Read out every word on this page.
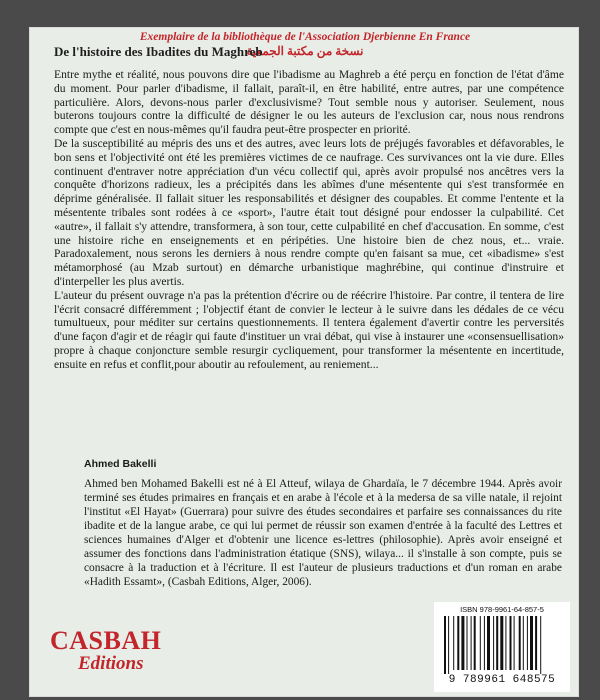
Exemplaire de la bibliothèque de l'Association Djerbienne En France
نسخة من مكتبة الجمعية
De l'histoire des Ibadites du Maghreb

Entre mythe et réalité, nous pouvons dire que l'ibadisme au Maghreb a été perçu en fonction de l'état d'âme du moment. Pour parler d'ibadisme, il fallait, paraît-il, en être habilité, entre autres, par une compétence particulière. Alors, devons-nous parler d'exclusivisme? Tout semble nous y autoriser. Seulement, nous buterons toujours contre la difficulté de désigner le ou les auteurs de l'exclusion car, nous nous rendrons compte que c'est en nous-mêmes qu'il faudra peut-être prospecter en priorité.

De la susceptibilité au mépris des uns et des autres, avec leurs lots de préjugés favorables et défavorables, le bon sens et l'objectivité ont été les premières victimes de ce naufrage. Ces survivances ont la vie dure. Elles continuent d'entraver notre appréciation d'un vécu collectif qui, après avoir propulsé nos ancêtres vers la conquête d'horizons radieux, les a précipités dans les abîmes d'une mésentente qui s'est transformée en déprime généralisée. Il fallait situer les responsabilités et désigner des coupables. Et comme l'entente et la mésentente tribales sont rodées à ce «sport», l'autre était tout désigné pour endosser la culpabilité. Cet «autre», il fallait s'y attendre, transformera, à son tour, cette culpabilité en chef d'accusation. En somme, c'est une histoire riche en enseignements et en péripéties. Une histoire bien de chez nous, et... vraie. Paradoxalement, nous serons les derniers à nous rendre compte qu'en faisant sa mue, cet «ibadisme» s'est métamorphosé (au Mzab surtout) en démarche urbanistique maghrébine, qui continue d'instruire et d'interpeller les plus avertis.

L'auteur du présent ouvrage n'a pas la prétention d'écrire ou de réécrire l'histoire. Par contre, il tentera de lire l'écrit consacré différemment ; l'objectif étant de convier le lecteur à le suivre dans les dédales de ce vécu tumultueux, pour méditer sur certains questionnements. Il tentera également d'avertir contre les perversités d'une façon d'agir et de réagir qui faute d'instituer un vrai débat, qui vise à instaurer une «consensuellisation» propre à chaque conjoncture semble resurgir cycliquement, pour transformer la mésentente en incertitude, ensuite en refus et conflit,pour aboutir au refoulement, au reniement...

Ahmed Bakelli

Ahmed ben Mohamed Bakelli est né à El Atteuf, wilaya de Ghardaïa, le 7 décembre 1944. Après avoir terminé ses études primaires en français et en arabe à l'école et à la medersa de sa ville natale, il rejoint l'institut «El Hayat» (Guerrara) pour suivre des études secondaires et parfaire ses connaissances du rite ibadite et de la langue arabe, ce qui lui permet de réussir son examen d'entrée à la faculté des Lettres et sciences humaines d'Alger et d'obtenir une licence es-lettres (philosophie). Après avoir enseigné et assumer des fonctions dans l'administration étatique (SNS), wilaya... il s'installe à son compte, puis se consacre à la traduction et à l'écriture. Il est l'auteur de plusieurs traductions et d'un roman en arabe «Hadith Essamt», (Casbah Editions, Alger, 2006).

CASBAH
Editions
ISBN 978-9961-64-857-5
9 789961 648575
